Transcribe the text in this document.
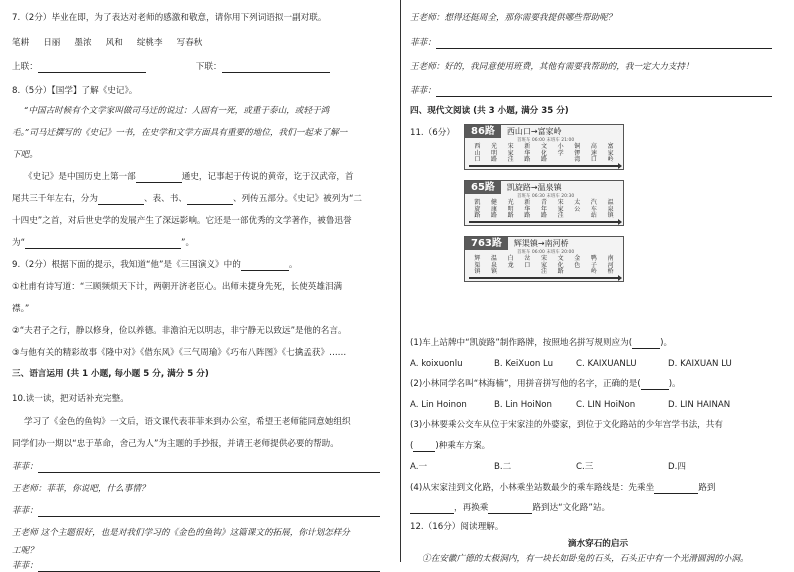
7.（2分）毕业在即，为了表达对老师的感激和敬意，请你用下列词语拟一副对联。
笔耕 日丽 墨浓 风和 绽桃李 写春秋
上联：	下联：
8.（5分）【国学】了解《史记》。
“中国古时候有个文学家叫做司马迁的说过：人固有一死，或重于泰山，或轻于鸿
毛。”司马迁撰写的《史记》一书，在史学和文学方面具有重要的地位，我们一起来了解一
下吧。
《史记》是中国历史上第一部	通史，记事起于传说的黄帝，讫于汉武帝，首
尾共三千年左右，分为	、表、书、	、列传五部分。《史记》被列为“二
十四史”之首，对后世史学的发展产生了深远影响。它还是一部优秀的文学著作，被鲁迅誉
为“	”。
9.（2分）根据下面的提示，我知道“他”是《三国演义》中的	。
①杜甫有诗写道：“三顾频烦天下计，两朝开济老臣心。出师未捷身先死，长使英雄泪满
襟。”
②“夫君子之行，静以修身，俭以养德。非澹泊无以明志，非宁静无以致远”是他的名言。
③与他有关的精彩故事《隆中对》《借东风》《三气周瑜》《巧布八阵图》《七擒孟获》……
三、语言运用 (共 1 小题, 每小题 5 分, 满分 5 分)
10.读一读，把对话补充完整。
学习了《金色的鱼钩》一文后，语文课代表菲菲来到办公室，希望王老师能同意她组织
同学们办一期以“忠于革命，舍己为人”为主题的手抄报，并请王老师提供必要的帮助。
菲菲：
王老师：菲菲，你说吧，什么事情？
菲菲：
王老师 这个主题很好，也是对我们学习的《金色的鱼钩》这篇课文的拓展，你计划怎样分
工呢？
菲菲：
王老师：想得还挺周全，那你需要我提供哪些帮助呢？
菲菲：
王老师：好的，我同意使用班费，其他有需要我帮助的，我一定大力支持！
菲菲：
四、现代文阅读 (共 3 小题, 满分 35 分)
11.（6分）	86路	西山口→富家岭
首班车 06:00 末班车 21:00
西山口
光明路
宋家洼
新华路
文化路
小学
铜锣湾
高速口
富家岭
65路	凯旋路→温泉镇
首班车 06:30 末班车 20:30
凯旋路
健康路
光明路
新华路
青年路
宋家洼
太公
汽车站
温泉镇
763路	辉渠镇→南河桥
首班车 06:00 末班车 20:00
辉渠镇
温泉镇
白龙
岔口
宋家洼
文化路
金色
鸭子岭
南河桥
(1)车上站牌中“凯旋路”制作路牌，按照地名拼写规则应为(	)。
A. koixuonlu	B. KeiXuon Lu	C. KAIXUANLU	D. KAIXUAN LU
(2)小林同学名叫“林海楠”，用拼音拼写他的名字，正确的是(	)。
A. Lin Hoinon	B. Lin HoiNon	C. LIN HoiNon	D. LIN HAINAN
(3)小林要乘公交车从位于宋家洼的外婆家，到位于文化路站的少年宫学书法，共有
(	)种乘车方案。
A.一	B.二	C.三	D.四
(4)从宋家洼到文化路，小林乘坐站数最少的乘车路线是：先乘坐	路到
，再换乘	路到达“文化路”站。
12.（16分）阅读理解。
滴水穿石的启示
①在安徽广德的太极洞内，有一块长如卧兔的石头，石头正中有一个光滑圆润的小洞。
